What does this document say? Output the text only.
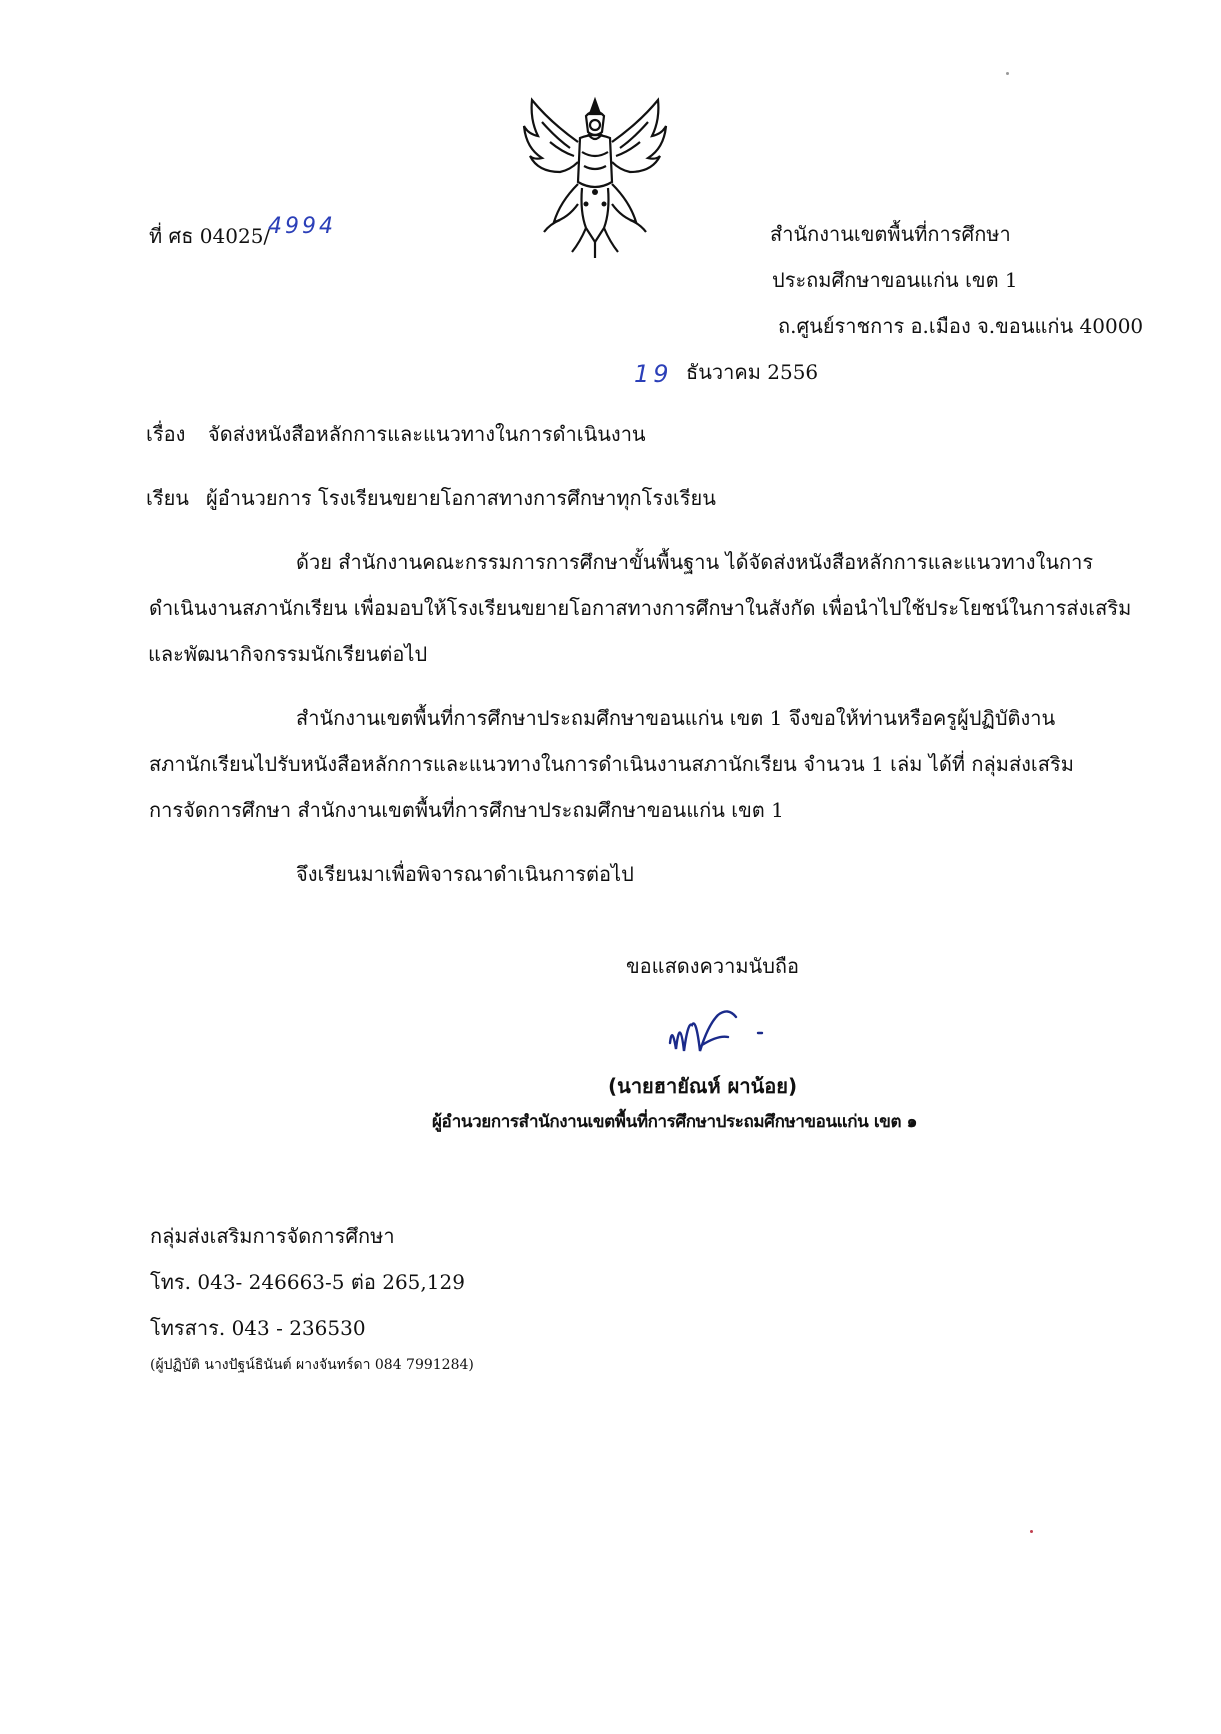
ที่ ศธ 04025/
4994	สำนักงานเขตพื้นที่การศึกษา
ประถมศึกษาขอนแก่น เขต 1
ถ.ศูนย์ราชการ อ.เมือง จ.ขอนแก่น 40000
19 ธันวาคม 2556
เรื่อง จัดส่งหนังสือหลักการและแนวทางในการดำเนินงาน
เรียน ผู้อำนวยการ โรงเรียนขยายโอกาสทางการศึกษาทุกโรงเรียน
ด้วย สำนักงานคณะกรรมการการศึกษาขั้นพื้นฐาน ได้จัดส่งหนังสือหลักการและแนวทางในการ
ดำเนินงานสภานักเรียน เพื่อมอบให้โรงเรียนขยายโอกาสทางการศึกษาในสังกัด เพื่อนำไปใช้ประโยชน์ในการส่งเสริม
และพัฒนากิจกรรมนักเรียนต่อไป
สำนักงานเขตพื้นที่การศึกษาประถมศึกษาขอนแก่น เขต 1 จึงขอให้ท่านหรือครูผู้ปฏิบัติงาน
สภานักเรียนไปรับหนังสือหลักการและแนวทางในการดำเนินงานสภานักเรียน จำนวน 1 เล่ม ได้ที่ กลุ่มส่งเสริม
การจัดการศึกษา สำนักงานเขตพื้นที่การศึกษาประถมศึกษาขอนแก่น เขต 1
จึงเรียนมาเพื่อพิจารณาดำเนินการต่อไป
ขอแสดงความนับถือ
(นายฮายัณห์ ผาน้อย)
ผู้อำนวยการสำนักงานเขตพื้นที่การศึกษาประถมศึกษาขอนแก่น เขต ๑
กลุ่มส่งเสริมการจัดการศึกษา
โทร. 043- 246663-5 ต่อ 265,129
โทรสาร. 043 - 236530
(ผู้ปฏิบัติ นางปัฐน์ธินันต์ ผางจันทร์ดา 084 7991284)
